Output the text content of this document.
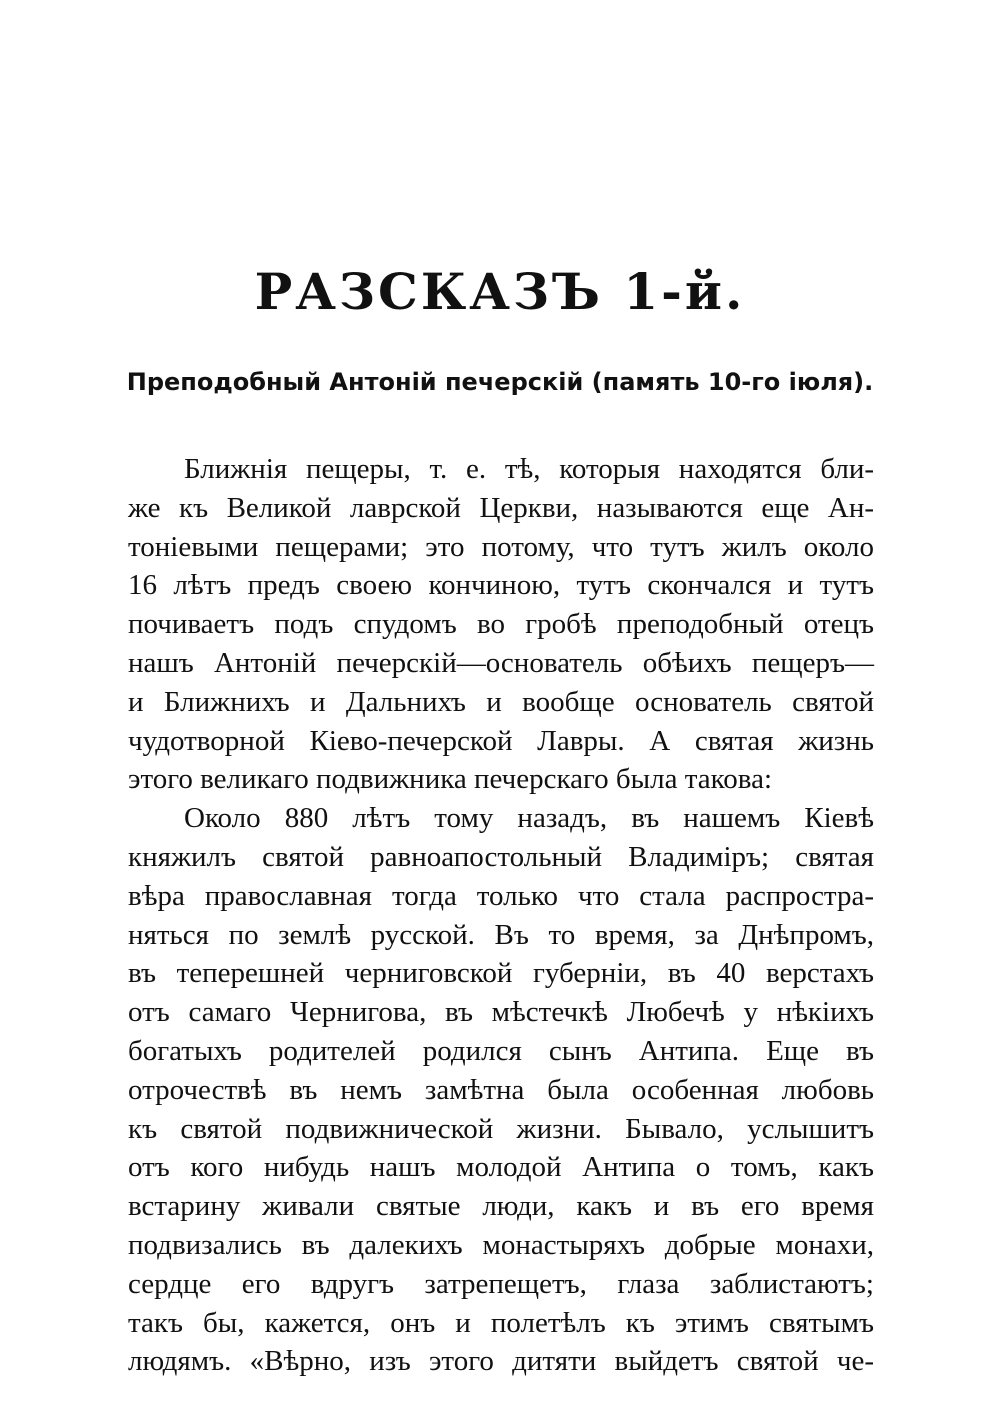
РАЗСКАЗЪ 1-й.
Преподобный Антоній печерскій (память 10-го іюля).
Ближнія пещеры, т. е. тѣ, которыя находятся бли-
же къ Великой лаврской Церкви, называются еще Ан-
тоніевыми пещерами; это потому, что тутъ жилъ около
16 лѣтъ предъ своею кончиною, тутъ скончался и тутъ
почиваетъ подъ спудомъ во гробѣ преподобный отецъ
нашъ Антоній печерскій—основатель обѣихъ пещеръ—
и Ближнихъ и Дальнихъ и вообще основатель святой
чудотворной Кіево-печерской Лавры. А святая жизнь
этого великаго подвижника печерскаго была такова:
Около 880 лѣтъ тому назадъ, въ нашемъ Кіевѣ
княжилъ святой равноапостольный Владиміръ; святая
вѣра православная тогда только что стала распростра-
няться по землѣ русской. Въ то время, за Днѣпромъ,
въ теперешней черниговской губерніи, въ 40 верстахъ
отъ самаго Чернигова, въ мѣстечкѣ Любечѣ у нѣкіихъ
богатыхъ родителей родился сынъ Антипа. Еще въ
отрочествѣ въ немъ замѣтна была особенная любовь
къ святой подвижнической жизни. Бывало, услышитъ
отъ кого нибудь нашъ молодой Антипа о томъ, какъ
встарину живали святые люди, какъ и въ его время
подвизались въ далекихъ монастыряхъ добрые монахи,
сердце его вдругъ затрепещетъ, глаза заблистаютъ;
такъ бы, кажется, онъ и полетѣлъ къ этимъ святымъ
людямъ. «Вѣрно, изъ этого дитяти выйдетъ святой че-
